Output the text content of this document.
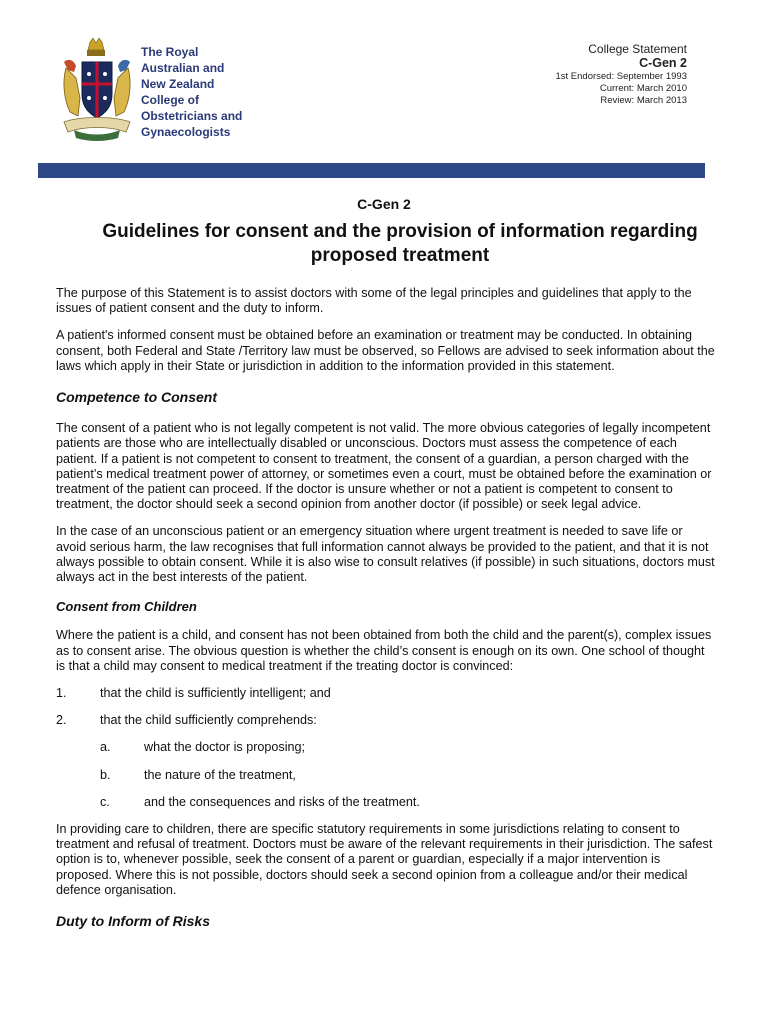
The Royal
Australian and
New Zealand
College of
Obstetricians and
Gynaecologists
College Statement
C-Gen 2
1st Endorsed: September 1993
Current: March 2010
Review: March 2013
C-Gen 2
Guidelines for consent and the provision of information regarding proposed treatment

The purpose of this Statement is to assist doctors with some of the legal principles and guidelines that apply to the issues of patient consent and the duty to inform.

A patient's informed consent must be obtained before an examination or treatment may be conducted. In obtaining consent, both Federal and State /Territory law must be observed, so Fellows are advised to seek information about the laws which apply in their State or jurisdiction in addition to the information provided in this statement.

Competence to Consent

The consent of a patient who is not legally competent is not valid. The more obvious categories of legally incompetent patients are those who are intellectually disabled or unconscious. Doctors must assess the competence of each patient. If a patient is not competent to consent to treatment, the consent of a guardian, a person charged with the patient’s medical treatment power of attorney, or sometimes even a court, must be obtained before the examination or treatment of the patient can proceed. If the doctor is unsure whether or not a patient is competent to consent to treatment, the doctor should seek a second opinion from another doctor (if possible) or seek legal advice.

In the case of an unconscious patient or an emergency situation where urgent treatment is needed to save life or avoid serious harm, the law recognises that full information cannot always be provided to the patient, and that it is not always possible to obtain consent. While it is also wise to consult relatives (if possible) in such situations, doctors must always act in the best interests of the patient.

Consent from Children

Where the patient is a child, and consent has not been obtained from both the child and the parent(s), complex issues as to consent arise. The obvious question is whether the child’s consent is enough on its own. One school of thought is that a child may consent to medical treatment if the treating doctor is convinced:

1.	that the child is sufficiently intelligent; and
2.	that the child sufficiently comprehends:
a.	what the doctor is proposing;
b.	the nature of the treatment,
c.	and the consequences and risks of the treatment.

In providing care to children, there are specific statutory requirements in some jurisdictions relating to consent to treatment and refusal of treatment. Doctors must be aware of the relevant requirements in their jurisdiction. The safest option is to, whenever possible, seek the consent of a parent or guardian, especially if a major intervention is proposed. Where this is not possible, doctors should seek a second opinion from a colleague and/or their medical defence organisation.

Duty to Inform of Risks
